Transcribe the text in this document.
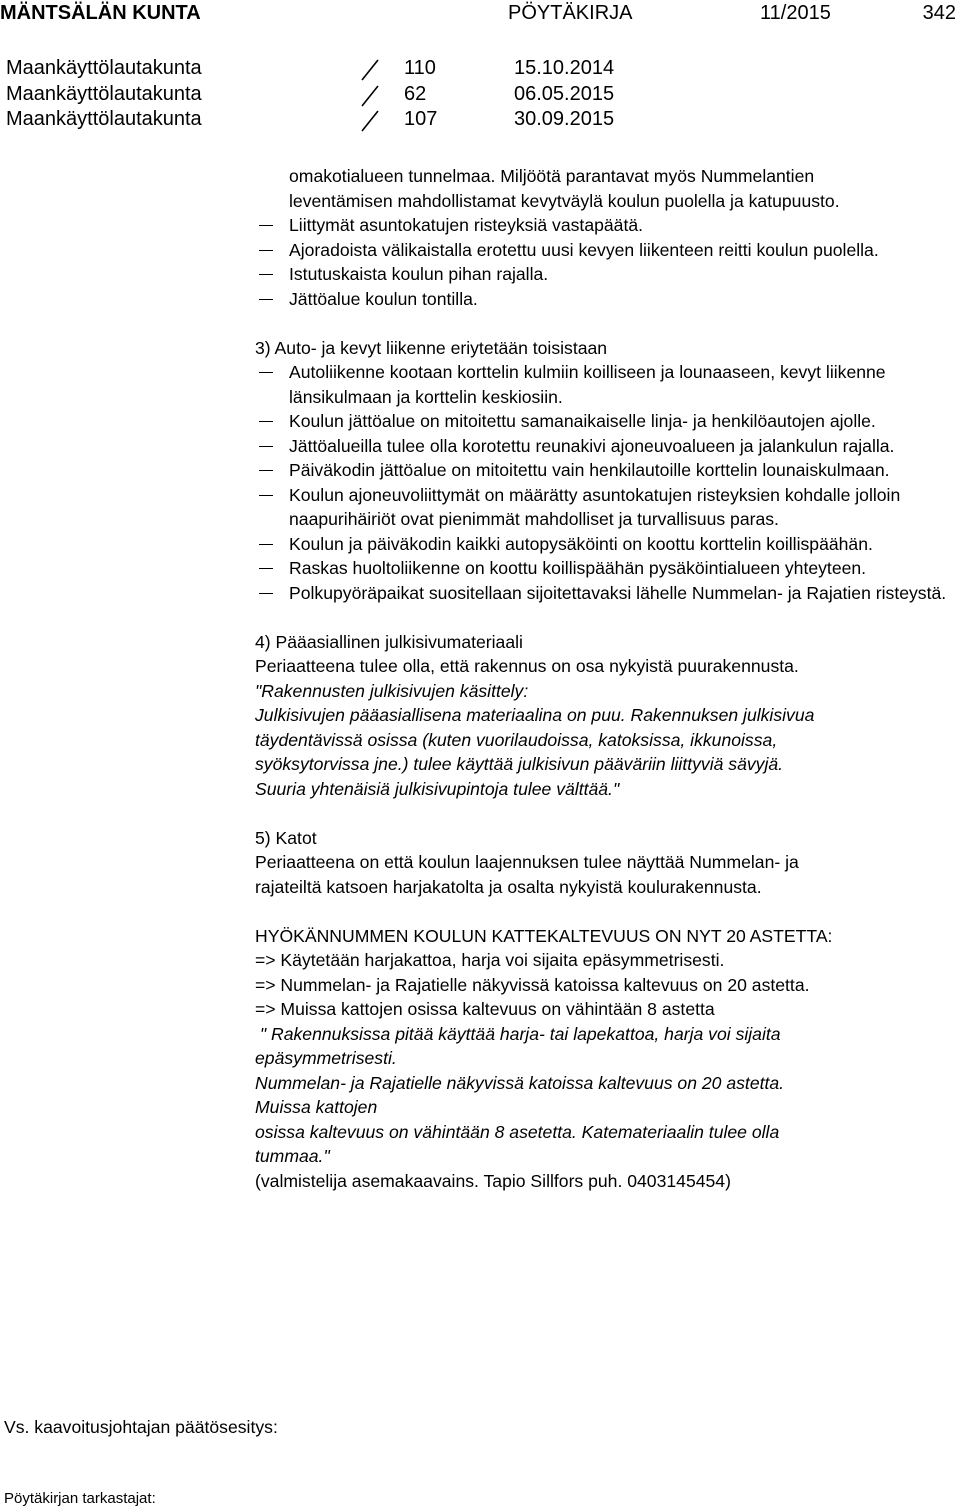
MÄNTSÄLÄN KUNTA	PÖYTÄKIRJA	11/2015	342
Maankäyttölautakunta	110	15.10.2014
Maankäyttölautakunta	62	06.05.2015
Maankäyttölautakunta	107	30.09.2015

omakotialueen tunnelmaa. Miljöötä parantavat myös Nummelantien

leventämisen mahdollistamat kevytväylä koulun puolella ja katupuusto.

Liittymät asuntokatujen risteyksiä vastapäätä.
Ajoradoista välikaistalla erotettu uusi kevyen liikenteen reitti koulun puolella.
Istutuskaista koulun pihan rajalla.
Jättöalue koulun tontilla.

3) Auto- ja kevyt liikenne eriytetään toisistaan

Autoliikenne kootaan korttelin kulmiin koilliseen ja lounaaseen, kevyt liikenne länsikulmaan ja korttelin keskiosiin.
Koulun jättöalue on mitoitettu samanaikaiselle linja- ja henkilöautojen ajolle.
Jättöalueilla tulee olla korotettu reunakivi ajoneuvoalueen ja jalankulun rajalla.
Päiväkodin jättöalue on mitoitettu vain henkilautoille korttelin lounaiskulmaan.
Koulun ajoneuvoliittymät on määrätty asuntokatujen risteyksien kohdalle jolloin naapurihäiriöt ovat pienimmät mahdolliset ja turvallisuus paras.
Koulun ja päiväkodin kaikki autopysäköinti on koottu korttelin koillispäähän.
Raskas huoltoliikenne on koottu koillispäähän pysäköintialueen yhteyteen.
Polkupyöräpaikat suositellaan sijoitettavaksi lähelle Nummelan- ja Rajatien risteystä.

4) Pääasiallinen julkisivumateriaali

Periaatteena tulee olla, että rakennus on osa nykyistä puurakennusta.

"Rakennusten julkisivujen käsittely:

Julkisivujen pääasiallisena materiaalina on puu. Rakennuksen julkisivua

täydentävissä osissa (kuten vuorilaudoissa, katoksissa, ikkunoissa,

syöksytorvissa jne.) tulee käyttää julkisivun pääväriin liittyviä sävyjä.

Suuria yhtenäisiä julkisivupintoja tulee välttää."

5) Katot

Periaatteena on että koulun laajennuksen tulee näyttää Nummelan- ja

rajateiltä katsoen harjakatolta ja osalta nykyistä koulurakennusta.

HYÖKÄNNUMMEN KOULUN KATTEKALTEVUUS ON NYT 20 ASTETTA:

=> Käytetään harjakattoa, harja voi sijaita epäsymmetrisesti.

=> Nummelan- ja Rajatielle näkyvissä katoissa kaltevuus on 20 astetta.

=> Muissa kattojen osissa kaltevuus on vähintään 8 astetta

" Rakennuksissa pitää käyttää harja- tai lapekattoa, harja voi sijaita

epäsymmetrisesti.

Nummelan- ja Rajatielle näkyvissä katoissa kaltevuus on 20 astetta.

Muissa kattojen

osissa kaltevuus on vähintään 8 asetetta. Katemateriaalin tulee olla

tummaa."

(valmistelija asemakaavains. Tapio Sillfors puh. 0403145454)

Vs. kaavoitusjohtajan päätösesitys:
Pöytäkirjan tarkastajat:
